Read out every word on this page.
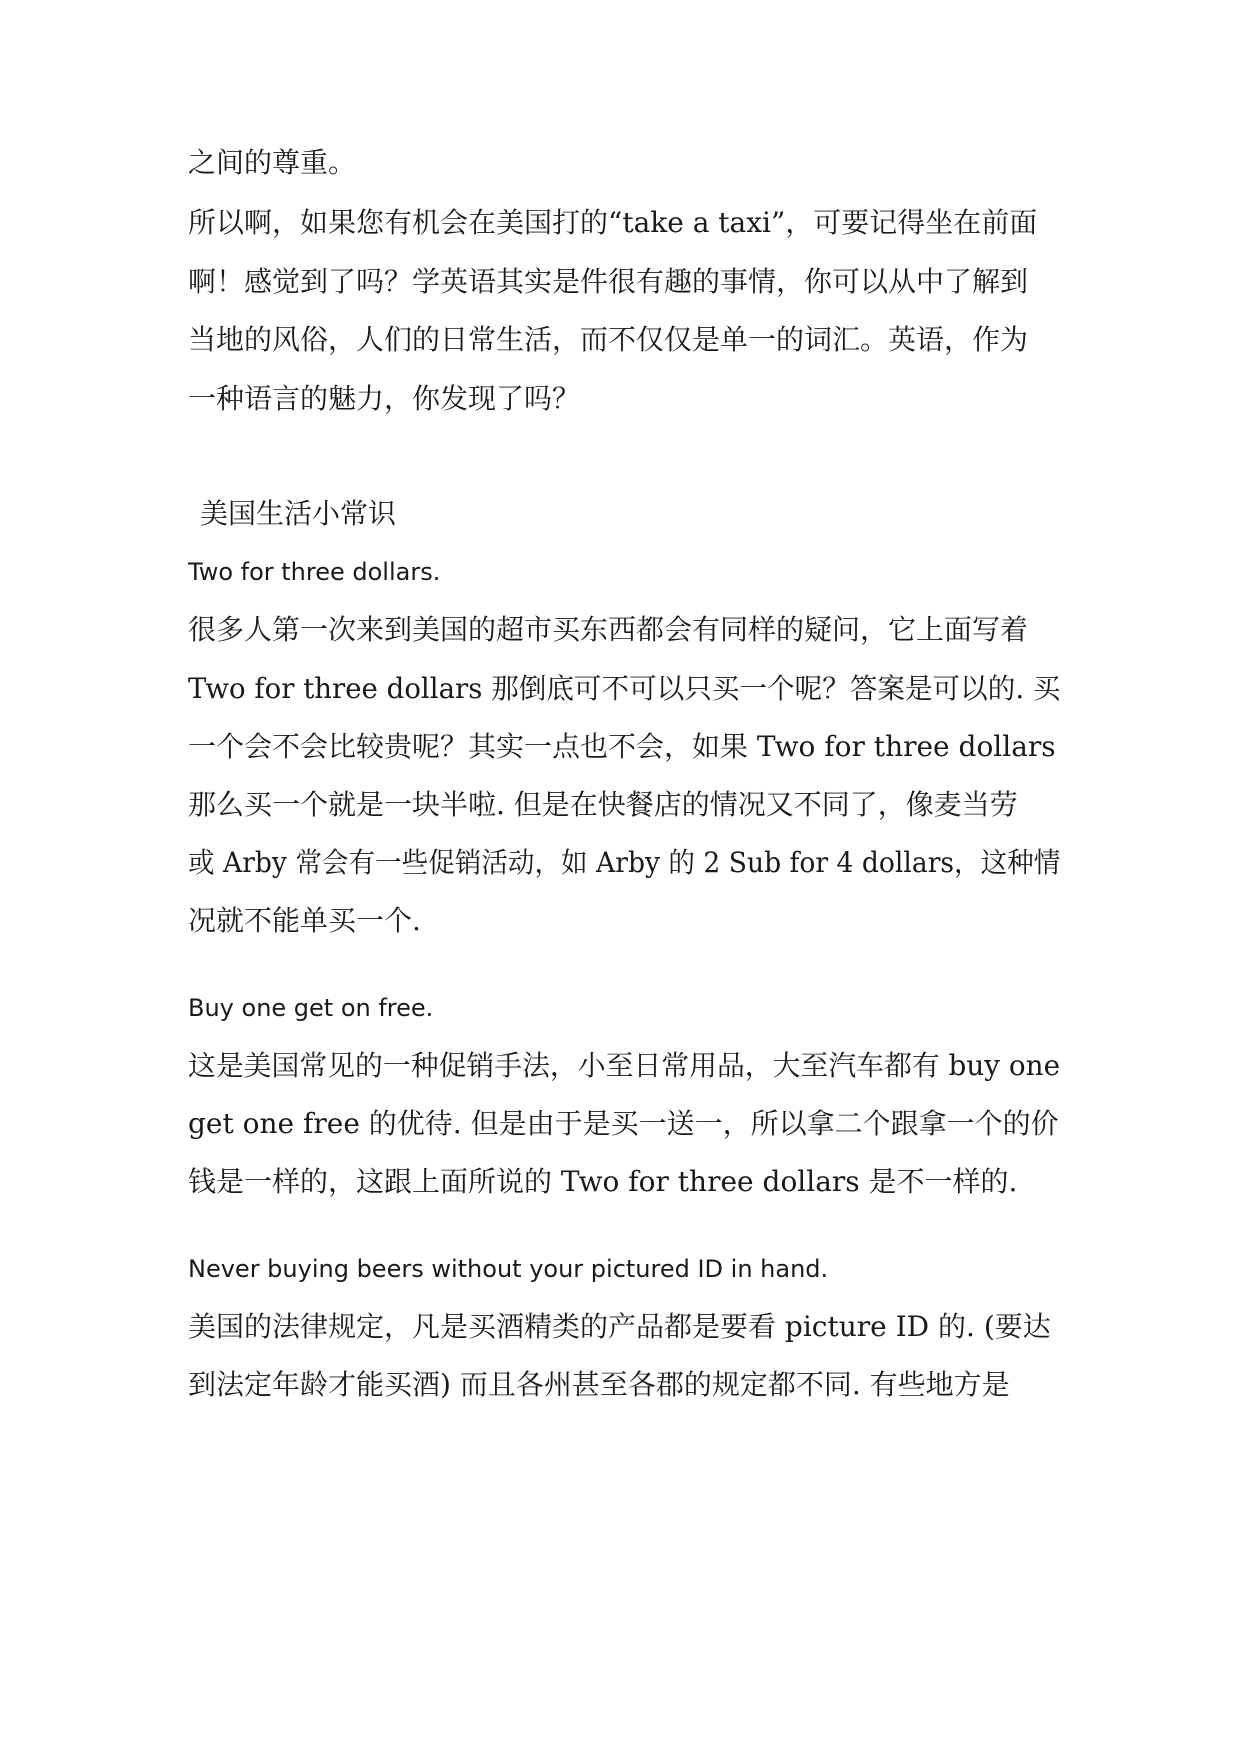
之间的尊重。

所以啊，如果您有机会在美国打的“take a taxi”，可要记得坐在前面

啊！感觉到了吗？学英语其实是件很有趣的事情，你可以从中了解到

当地的风俗，人们的日常生活，而不仅仅是单一的词汇。英语，作为

一种语言的魅力，你发现了吗？

美国生活小常识

Two for three dollars.

很多人第一次来到美国的超市买东西都会有同样的疑问，它上面写着

Two for three dollars 那倒底可不可以只买一个呢？答案是可以的. 买

一个会不会比较贵呢？其实一点也不会，如果 Two for three dollars

那么买一个就是一块半啦. 但是在快餐店的情况又不同了，像麦当劳

或 Arby 常会有一些促销活动，如 Arby 的 2 Sub for 4 dollars，这种情

况就不能单买一个.

Buy one get on free.

这是美国常见的一种促销手法，小至日常用品，大至汽车都有 buy one

get one free 的优待. 但是由于是买一送一，所以拿二个跟拿一个的价

钱是一样的，这跟上面所说的 Two for three dollars 是不一样的.

Never buying beers without your pictured ID in hand.

美国的法律规定，凡是买酒精类的产品都是要看 picture ID 的. (要达

到法定年龄才能买酒) 而且各州甚至各郡的规定都不同. 有些地方是
